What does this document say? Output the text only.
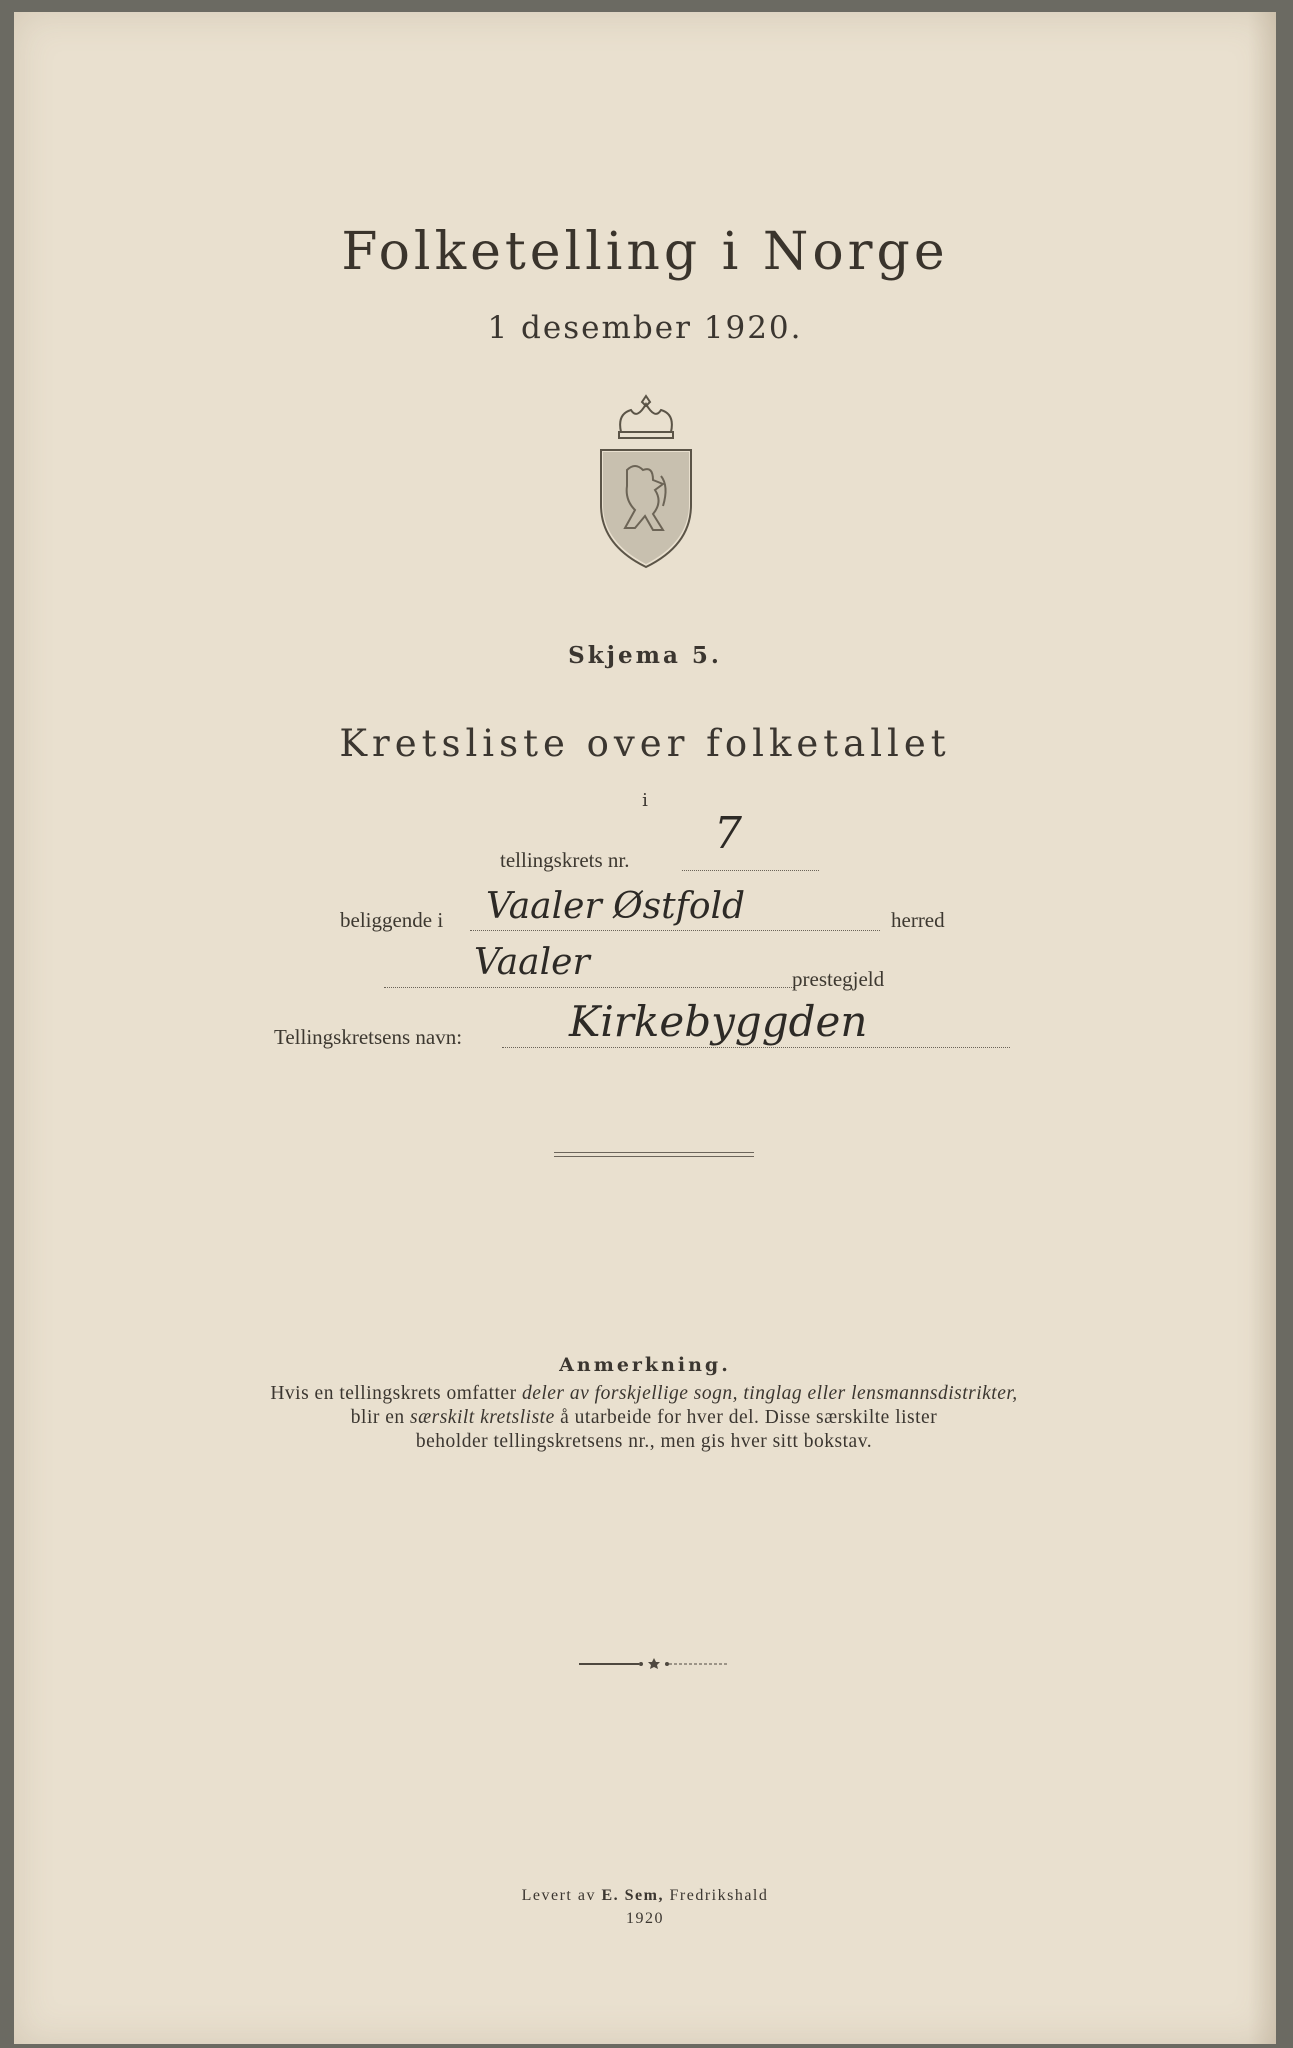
Folketelling i Norge
1 desember 1920.
Skjema 5.
Kretsliste over folketallet
i
tellingskrets nr.
7
beliggende i Vaaler Østfold	herred
Vaaler	prestegjeld
Tellingskretsens navn:	Kirkebyggden
Anmerkning.
Hvis en tellingskrets omfatter deler av forskjellige sogn, tinglag eller lensmannsdistrikter,
blir en særskilt kretsliste å utarbeide for hver del. Disse særskilte lister
beholder tellingskretsens nr., men gis hver sitt bokstav.
Levert av E. Sem, Fredrikshald
1920
